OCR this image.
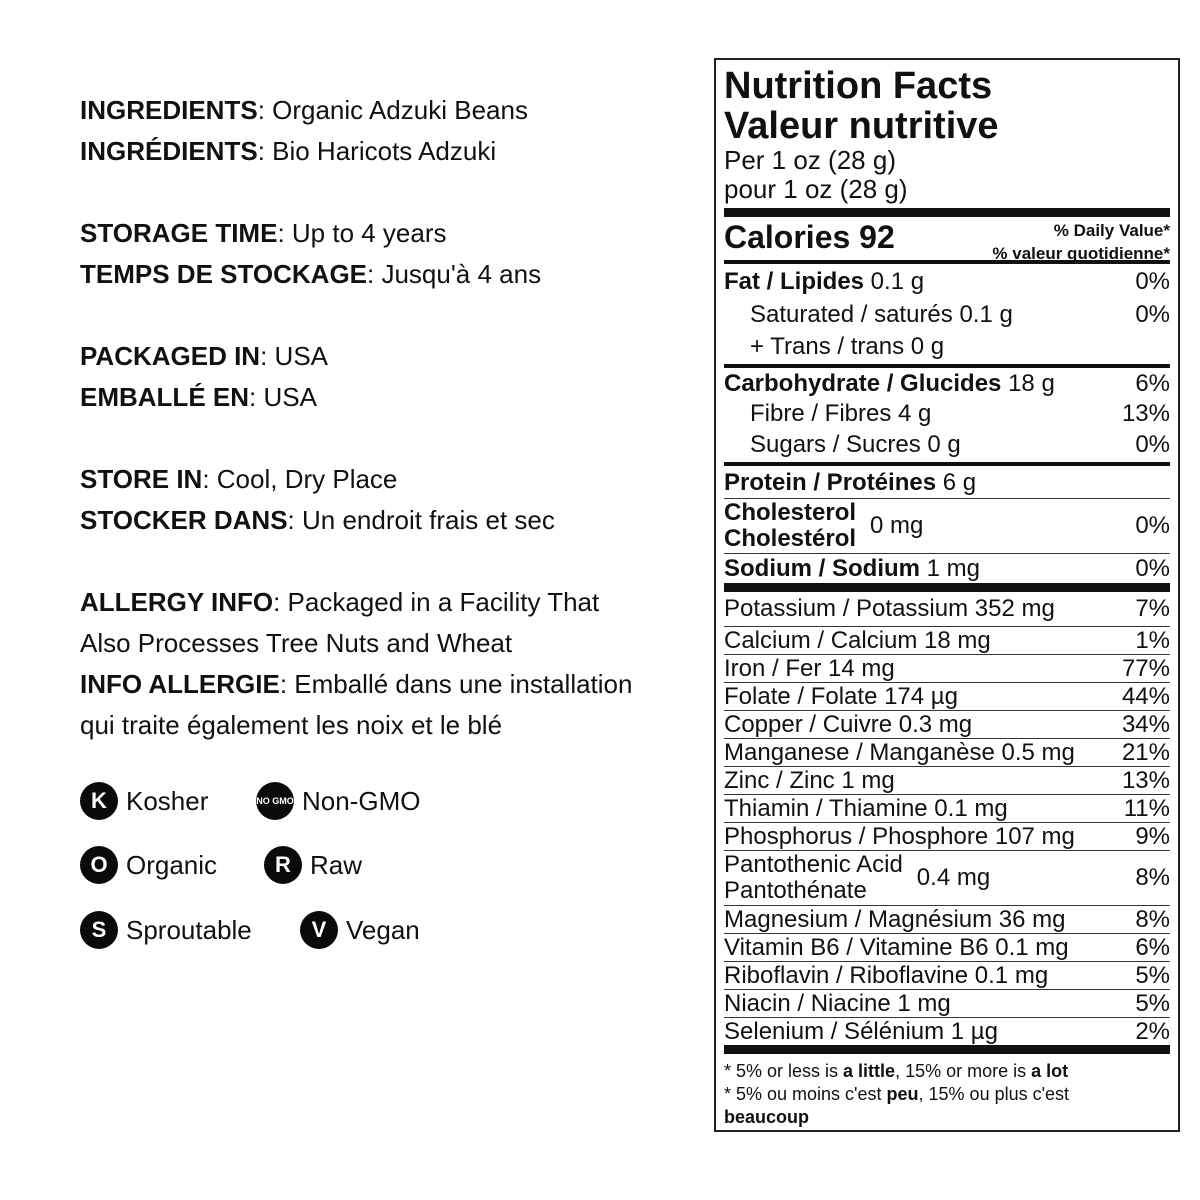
INGREDIENTS: Organic Adzuki Beans
INGRÉDIENTS: Bio Haricots Adzuki
STORAGE TIME: Up to 4 years
TEMPS DE STOCKAGE: Jusqu'à 4 ans
PACKAGED IN: USA
EMBALLÉ EN: USA
STORE IN: Cool, Dry Place
STOCKER DANS: Un endroit frais et sec
ALLERGY INFO: Packaged in a Facility That
Also Processes Tree Nuts and Wheat
INFO ALLERGIE: Emballé dans une installation
qui traite également les noix et le blé
K Kosher	NO GMO Non-GMO
O Organic	R Raw
S Sproutable	V Vegan
Nutrition Facts
Valeur nutritive
Per 1 oz (28 g)
pour 1 oz (28 g)
Calories 92	% Daily Value*
% valeur quotidienne*
Fat / Lipides 0.1 g	0%
Saturated / saturés 0.1 g	0%
+ Trans / trans 0 g
Carbohydrate / Glucides 18 g	6%
Fibre / Fibres 4 g	13%
Sugars / Sucres 0 g	0%
Protein / Protéines 6 g
Cholesterol
Cholestérol 0 mg	0%
Sodium / Sodium 1 mg	0%
Potassium / Potassium 352 mg	7%
Calcium / Calcium 18 mg	1%
Iron / Fer 14 mg	77%
Folate / Folate 174 µg	44%
Copper / Cuivre 0.3 mg	34%
Manganese / Manganèse 0.5 mg 21%
Zinc / Zinc 1 mg	13%
Thiamin / Thiamine 0.1 mg	11%
Phosphorus / Phosphore 107 mg	9%
Pantothenic Acid
Pantothénate	0.4 mg	8%
Magnesium / Magnésium 36 mg	8%
Vitamin B6 / Vitamine B6 0.1 mg	6%
Riboflavin / Riboflavine 0.1 mg	5%
Niacin / Niacine 1 mg	5%
Selenium / Sélénium 1 µg	2%
* 5% or less is a little, 15% or more is a lot
* 5% ou moins c'est peu, 15% ou plus c'est
beaucoup
